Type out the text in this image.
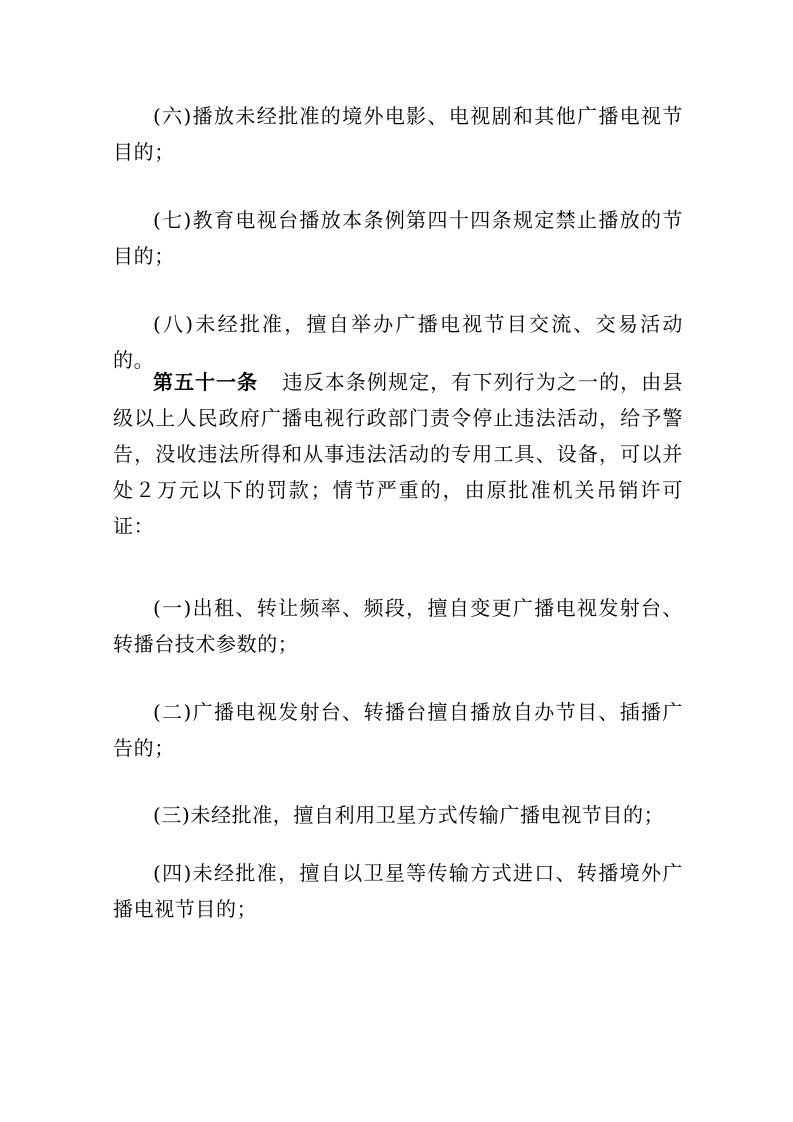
(六)播放未经批准的境外电影、电视剧和其他广播电视节目的；

(七)教育电视台播放本条例第四十四条规定禁止播放的节目的；

(八)未经批准，擅自举办广播电视节目交流、交易活动的。

第五十一条 违反本条例规定，有下列行为之一的，由县级以上人民政府广播电视行政部门责令停止违法活动，给予警告，没收违法所得和从事违法活动的专用工具、设备，可以并处２万元以下的罚款；情节严重的，由原批准机关吊销许可证：

(一)出租、转让频率、频段，擅自变更广播电视发射台、转播台技术参数的；

(二)广播电视发射台、转播台擅自播放自办节目、插播广告的；

(三)未经批准，擅自利用卫星方式传输广播电视节目的；

(四)未经批准，擅自以卫星等传输方式进口、转播境外广播电视节目的；
